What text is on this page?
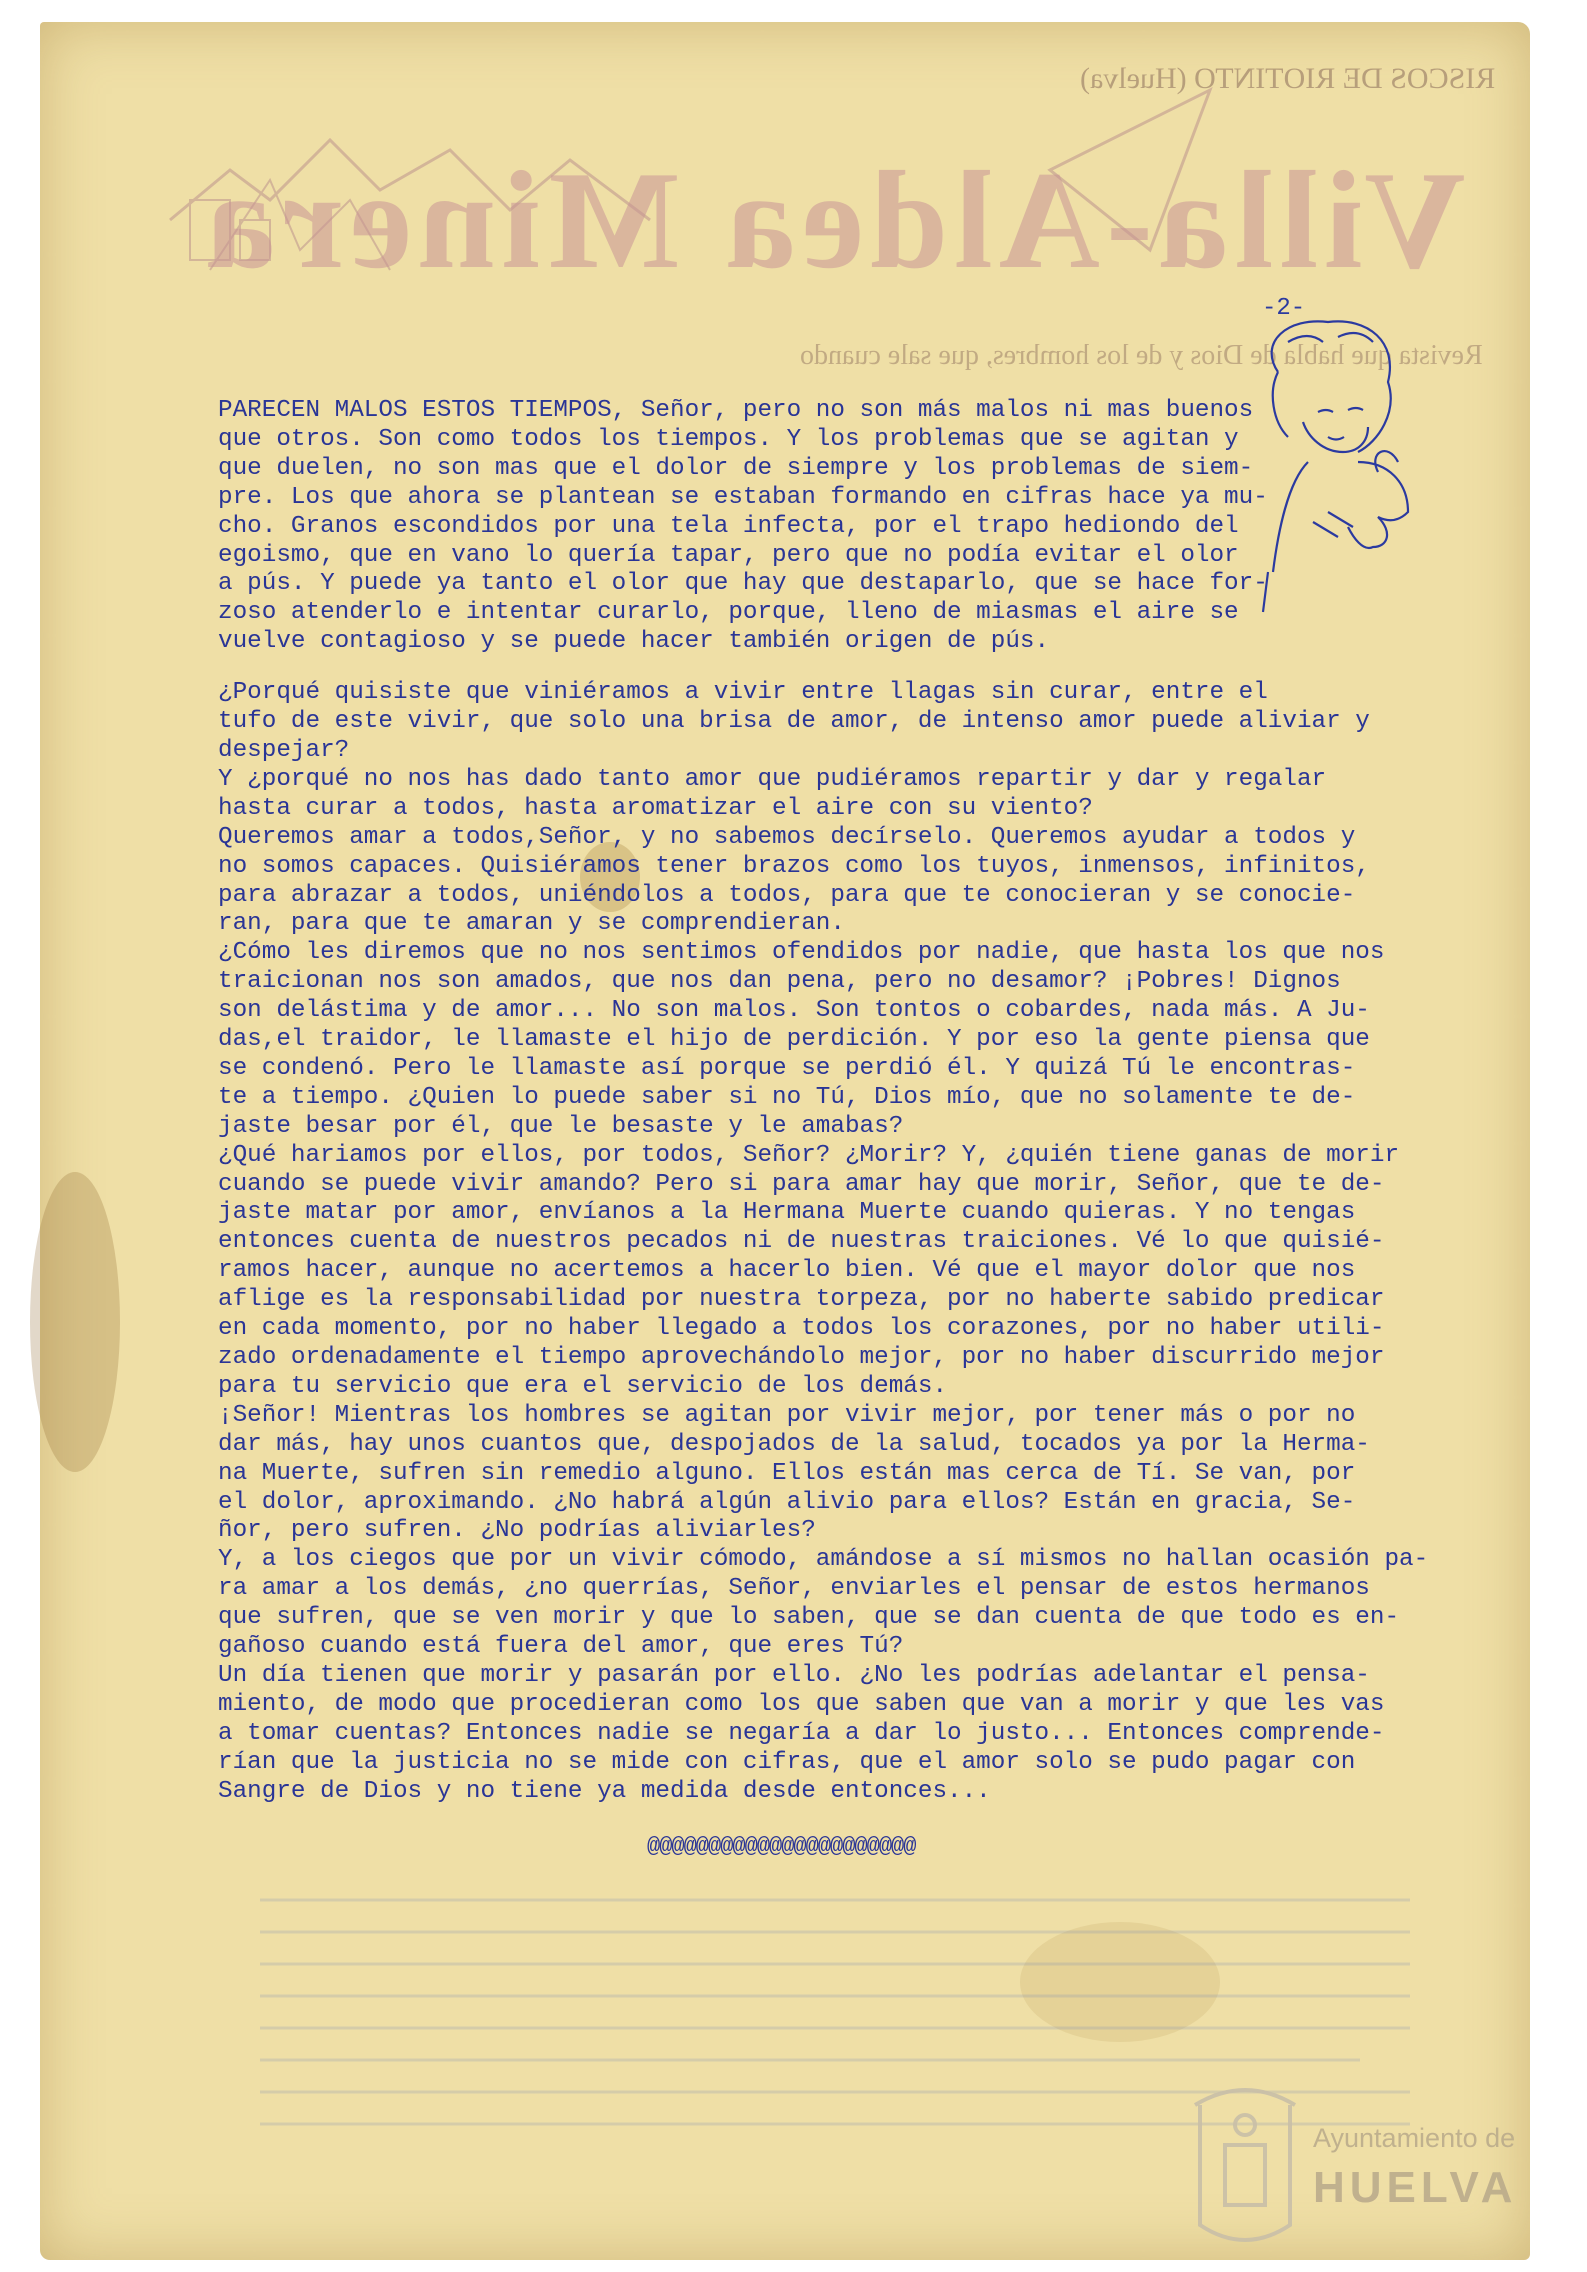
RISCOS DE RIOTINTO (Huelva)
Villa-Aldea Minera
Revista que habla de Dios y de los hombres, que sale cuando
-2-
PARECEN MALOS ESTOS TIEMPOS, Señor, pero no son más malos ni mas buenos
que otros. Son como todos los tiempos. Y los problemas que se agitan y
que duelen, no son mas que el dolor de siempre y los problemas de siem-
pre. Los que ahora se plantean se estaban formando en cifras hace ya mu-
cho. Granos escondidos por una tela infecta, por el trapo hediondo del
egoismo, que en vano lo quería tapar, pero que no podía evitar el olor
a pús. Y puede ya tanto el olor que hay que destaparlo, que se hace for-
zoso atenderlo e intentar curarlo, porque, lleno de miasmas el aire se
vuelve contagioso y se puede hacer también origen de pús.
¿Porqué quisiste que viniéramos a vivir entre llagas sin curar, entre el
tufo de este vivir, que solo una brisa de amor, de intenso amor puede aliviar y
despejar?
Y ¿porqué no nos has dado tanto amor que pudiéramos repartir y dar y regalar
hasta curar a todos, hasta aromatizar el aire con su viento?
Queremos amar a todos,Señor, y no sabemos decírselo. Queremos ayudar a todos y
no somos capaces. Quisiéramos tener brazos como los tuyos, inmensos, infinitos,
para abrazar a todos, uniéndolos a todos, para que te conocieran y se conocie-
ran, para que te amaran y se comprendieran.
¿Cómo les diremos que no nos sentimos ofendidos por nadie, que hasta los que nos
traicionan nos son amados, que nos dan pena, pero no desamor? ¡Pobres! Dignos
son delástima y de amor... No son malos. Son tontos o cobardes, nada más. A Ju-
das,el traidor, le llamaste el hijo de perdición. Y por eso la gente piensa que
se condenó. Pero le llamaste así porque se perdió él. Y quizá Tú le encontras-
te a tiempo. ¿Quien lo puede saber si no Tú, Dios mío, que no solamente te de-
jaste besar por él, que le besaste y le amabas?
¿Qué hariamos por ellos, por todos, Señor? ¿Morir? Y, ¿quién tiene ganas de morir
cuando se puede vivir amando? Pero si para amar hay que morir, Señor, que te de-
jaste matar por amor, envíanos a la Hermana Muerte cuando quieras. Y no tengas
entonces cuenta de nuestros pecados ni de nuestras traiciones. Vé lo que quisié-
ramos hacer, aunque no acertemos a hacerlo bien. Vé que el mayor dolor que nos
aflige es la responsabilidad por nuestra torpeza, por no haberte sabido predicar
en cada momento, por no haber llegado a todos los corazones, por no haber utili-
zado ordenadamente el tiempo aprovechándolo mejor, por no haber discurrido mejor
para tu servicio que era el servicio de los demás.
¡Señor! Mientras los hombres se agitan por vivir mejor, por tener más o por no
dar más, hay unos cuantos que, despojados de la salud, tocados ya por la Herma-
na Muerte, sufren sin remedio alguno. Ellos están mas cerca de Tí. Se van, por
el dolor, aproximando. ¿No habrá algún alivio para ellos? Están en gracia, Se-
ñor, pero sufren. ¿No podrías aliviarles?
Y, a los ciegos que por un vivir cómodo, amándose a sí mismos no hallan ocasión pa-
ra amar a los demás, ¿no querrías, Señor, enviarles el pensar de estos hermanos
que sufren, que se ven morir y que lo saben, que se dan cuenta de que todo es en-
gañoso cuando está fuera del amor, que eres Tú?
Un día tienen que morir y pasarán por ello. ¿No les podrías adelantar el pensa-
miento, de modo que procedieran como los que saben que van a morir y que les vas
a tomar cuentas? Entonces nadie se negaría a dar lo justo... Entonces comprende-
rían que la justicia no se mide con cifras, que el amor solo se pudo pagar con
Sangre de Dios y no tiene ya medida desde entonces...
@@@@@@@@@@@@@@@@@@@@@@
Ayuntamiento de
HUELVA
